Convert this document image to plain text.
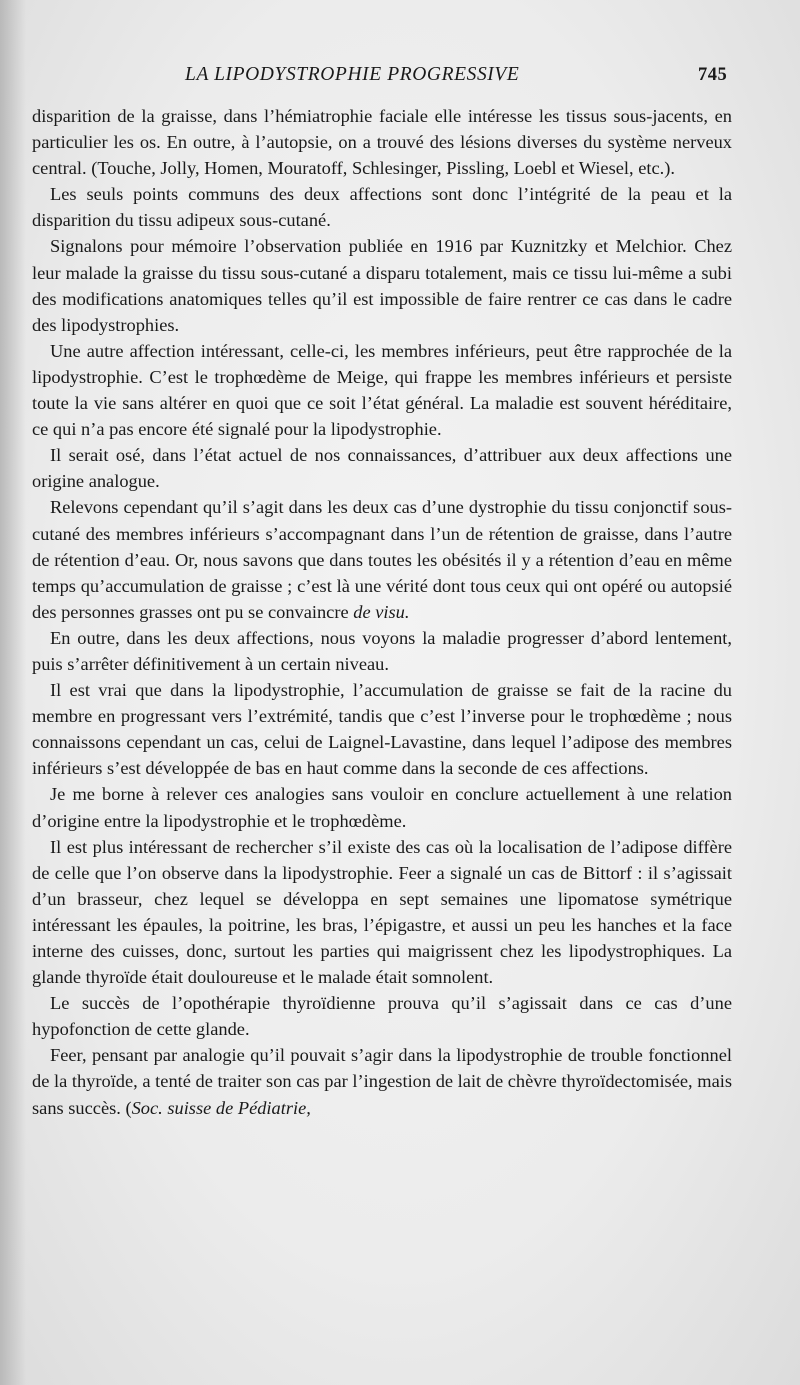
LA LIPODYSTROPHIE PROGRESSIVE	745

disparition de la graisse, dans l’hémiatrophie faciale elle intéresse les tissus sous-jacents, en particulier les os. En outre, à l’autopsie, on a trouvé des lésions diverses du système nerveux central. (Touche, Jolly, Homen, Mouratoff, Schlesinger, Pissling, Loebl et Wiesel, etc.).

Les seuls points communs des deux affections sont donc l’intégrité de la peau et la disparition du tissu adipeux sous-cutané.

Signalons pour mémoire l’observation publiée en 1916 par Kuznitzky et Melchior. Chez leur malade la graisse du tissu sous-cutané a disparu totalement, mais ce tissu lui-même a subi des modifications anatomiques telles qu’il est impossible de faire rentrer ce cas dans le cadre des lipodystrophies.

Une autre affection intéressant, celle-ci, les membres inférieurs, peut être rapprochée de la lipodystrophie. C’est le trophœdème de Meige, qui frappe les membres inférieurs et persiste toute la vie sans altérer en quoi que ce soit l’état général. La maladie est souvent héréditaire, ce qui n’a pas encore été signalé pour la lipodystrophie.

Il serait osé, dans l’état actuel de nos connaissances, d’attribuer aux deux affections une origine analogue.

Relevons cependant qu’il s’agit dans les deux cas d’une dystrophie du tissu conjonctif sous-cutané des membres inférieurs s’accompagnant dans l’un de rétention de graisse, dans l’autre de rétention d’eau. Or, nous savons que dans toutes les obésités il y a rétention d’eau en même temps qu’accumulation de graisse ; c’est là une vérité dont tous ceux qui ont opéré ou autopsié des personnes grasses ont pu se convaincre de visu.

En outre, dans les deux affections, nous voyons la maladie progresser d’abord lentement, puis s’arrêter définitivement à un certain niveau.

Il est vrai que dans la lipodystrophie, l’accumulation de graisse se fait de la racine du membre en progressant vers l’extrémité, tandis que c’est l’inverse pour le trophœdème ; nous connaissons cependant un cas, celui de Laignel-Lavastine, dans lequel l’adipose des membres inférieurs s’est développée de bas en haut comme dans la seconde de ces affections.

Je me borne à relever ces analogies sans vouloir en conclure actuellement à une relation d’origine entre la lipodystrophie et le trophœdème.

Il est plus intéressant de rechercher s’il existe des cas où la localisation de l’adipose diffère de celle que l’on observe dans la lipodystrophie. Feer a signalé un cas de Bittorf : il s’agissait d’un brasseur, chez lequel se développa en sept semaines une lipomatose symétrique intéressant les épaules, la poitrine, les bras, l’épigastre, et aussi un peu les hanches et la face interne des cuisses, donc, surtout les parties qui maigrissent chez les lipodystrophiques. La glande thyroïde était douloureuse et le malade était somnolent.

Le succès de l’opothérapie thyroïdienne prouva qu’il s’agissait dans ce cas d’une hypofonction de cette glande.

Feer, pensant par analogie qu’il pouvait s’agir dans la lipodystrophie de trouble fonctionnel de la thyroïde, a tenté de traiter son cas par l’ingestion de lait de chèvre thyroïdectomisée, mais sans succès. (Soc. suisse de Pédiatrie,
